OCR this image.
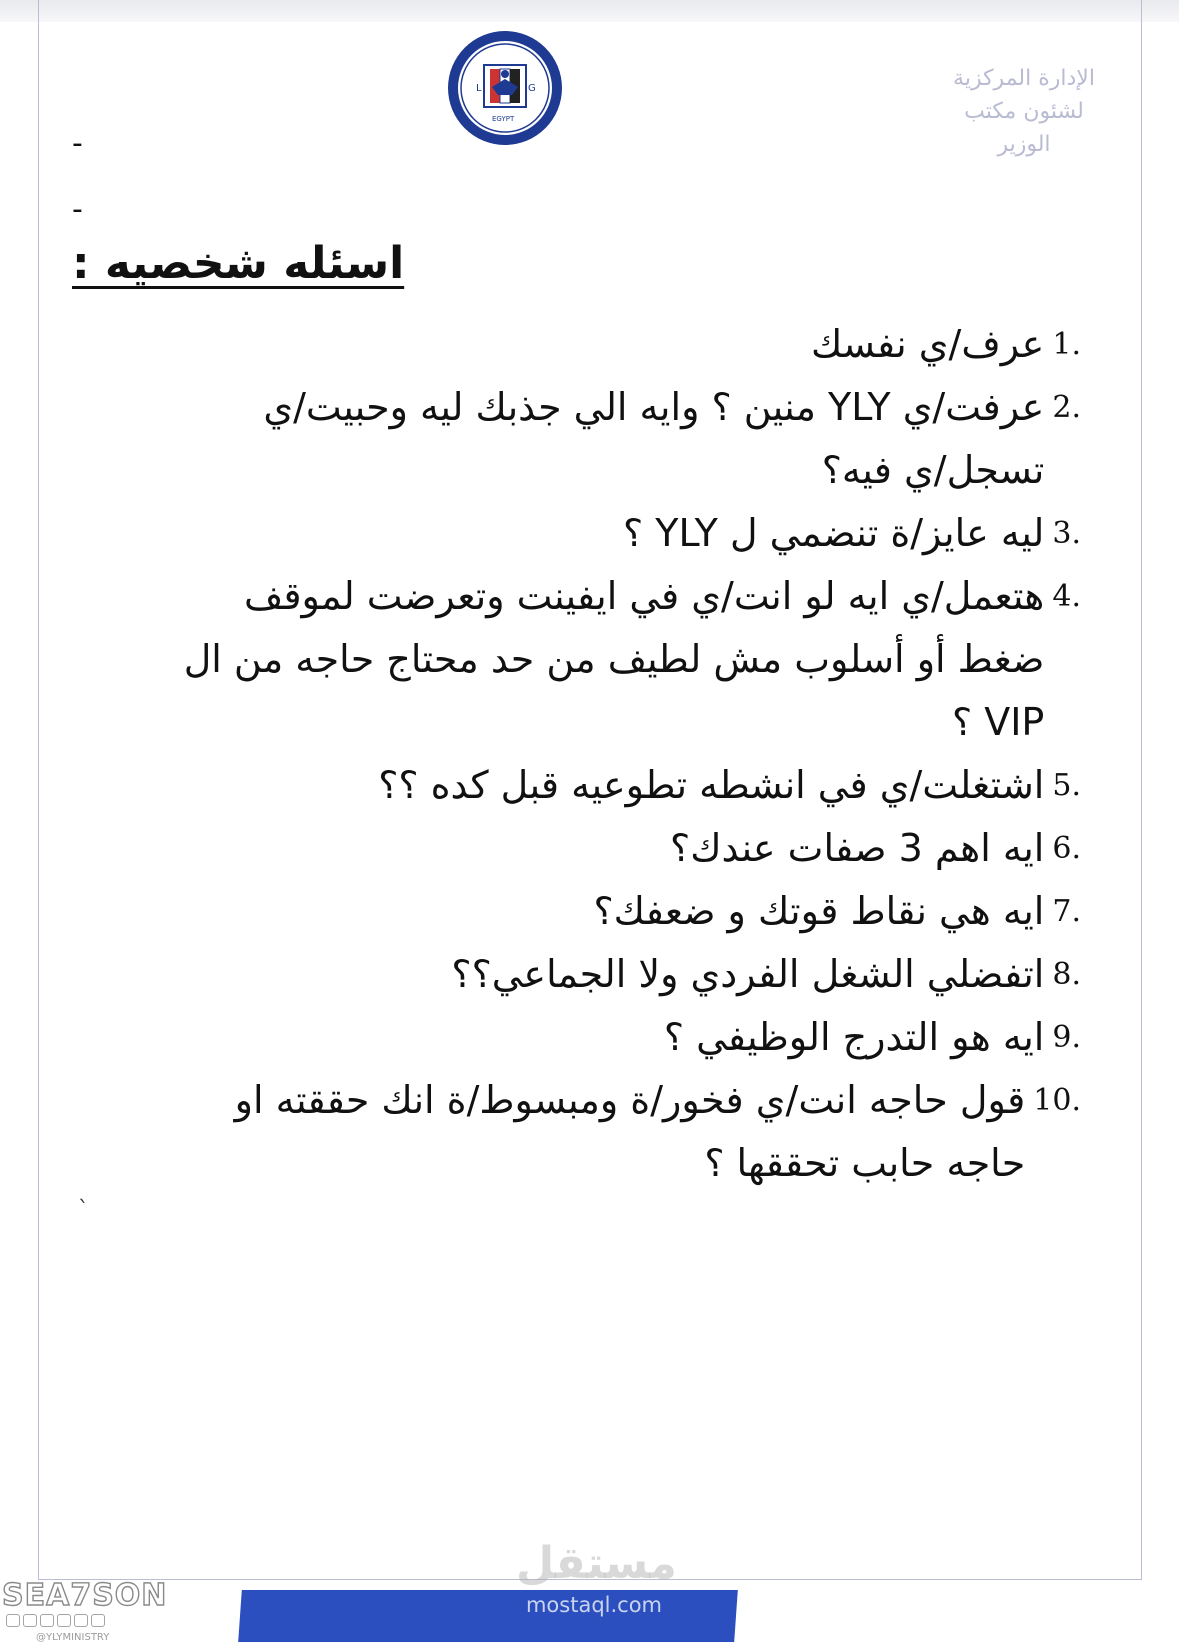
L	G
EGYPT
الإدارة المركزية
لشئون مكتب
الوزير
-
-
اسئله شخصيه :
.1
عرف/ي نفسك
.2
عرفت/ي YLY منين ؟ وايه الي جذبك ليه وحبيت/ي تسجل/ي فيه؟
.3
ليه عايز/ة تنضمي ل YLY ؟
.4
هتعمل/ي ايه لو انت/ي في ايفينت وتعرضت لموقف ضغط أو أسلوب مش لطيف من حد محتاج حاجه من ال VIP ؟
.5
اشتغلت/ي في انشطه تطوعيه قبل كده ؟؟
.6
ايه اهم 3 صفات عندك؟
.7
ايه هي نقاط قوتك و ضعفك؟
.8
اتفضلي الشغل الفردي ولا الجماعي؟؟
.9
ايه هو التدرج الوظيفي ؟
.10
قول حاجه انت/ي فخور/ة ومبسوط/ة انك حققته او حاجه حابب تحققها ؟
`
SEA7SON
@YLYMINISTRY
مستقل
mostaql.com
